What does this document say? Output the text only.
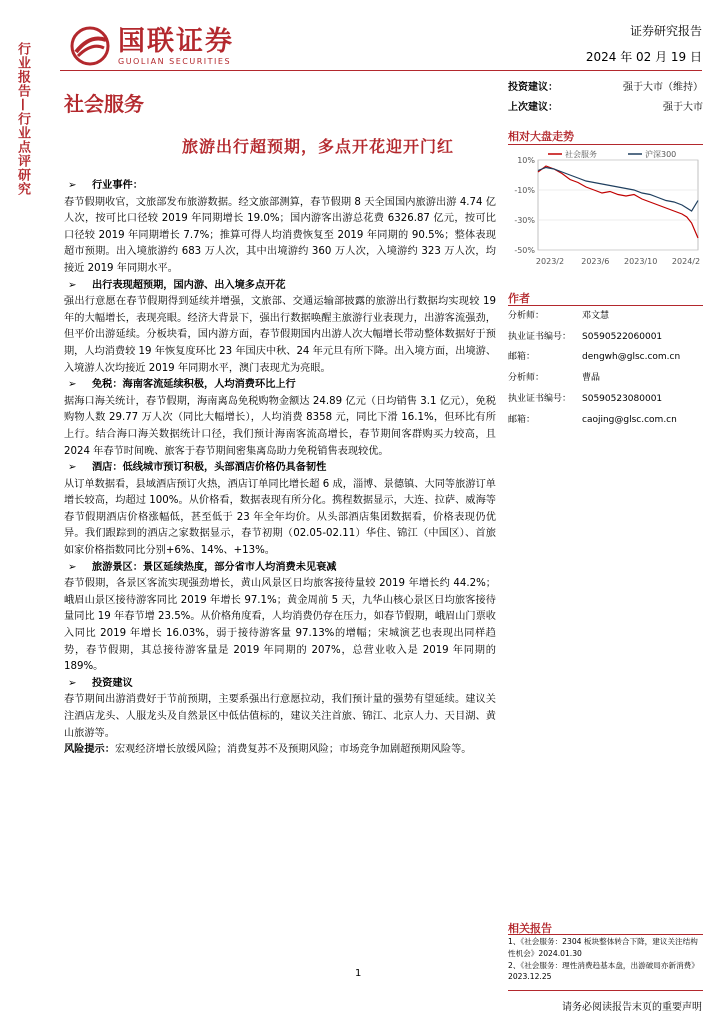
行业报告—行业点评研究
国联证券
GUOLIAN SECURITIES
证券研究报告
2024 年 02 月 19 日
社会服务
旅游出行超预期，多点开花迎开门红
投资建议：	强于大市（维持）
上次建议：	强于大市
相对大盘走势
社会服务	沪深300
10%
-10%
-30%
-50%
2023/2 2023/6 2023/10 2024/2
作者
分析师：	邓文慧
执业证书编号：	S0590522060001
邮箱：	dengwh@glsc.com.cn
分析师：	曹晶
执业证书编号：	S0590523080001
邮箱：	caojing@glsc.com.cn
➢	行业事件：
春节假期收官，文旅部发布旅游数据。经文旅部测算，春节假期 8 天全国国内旅游出游 4.74 亿人次，按可比口径较 2019 年同期增长 19.0%；国内游客出游总花费 6326.87 亿元，按可比口径较 2019 年同期增长 7.7%；推算可得人均消费恢复至 2019 年同期的 90.5%；整体表现超市预期。出入境旅游约 683 万人次，其中出境游约 360 万人次，入境游约 323 万人次，均接近 2019 年同期水平。
➢	出行表现超预期，国内游、出入境多点开花
强出行意愿在春节假期得到延续并增强，文旅部、交通运输部披露的旅游出行数据均实现较 19 年的大幅增长，表现亮眼。经济大背景下，强出行数据唤醒主旅游行业表现力，出游客流强劲，但平价出游延续。分板块看，国内游方面，春节假期国内出游人次大幅增长带动整体数据好于预期，人均消费较 19 年恢复度环比 23 年国庆中秋、24 年元旦有所下降。出入境方面，出境游、入境游人次均接近 2019 年同期水平，澳门表现尤为亮眼。
➢	免税：海南客流延续积极，人均消费环比上行
据海口海关统计，春节假期，海南离岛免税购物金额达 24.89 亿元（日均销售 3.1 亿元），免税购物人数 29.77 万人次（同比大幅增长），人均消费 8358 元，同比下滑 16.1%，但环比有所上行。结合海口海关数据统计口径，我们预计海南客流高增长，春节期间客群购买力较高，且 2024 年春节时间晚、旅客于春节期间密集离岛助力免税销售表现较优。
➢	酒店：低线城市预订积极，头部酒店价格仍具备韧性
从订单数据看，县域酒店预订火热，酒店订单同比增长超 6 成，淄博、景德镇、大同等旅游订单增长较高，均超过 100%。从价格看，数据表现有所分化。携程数据显示，大连、拉萨、威海等春节假期酒店价格涨幅低，甚至低于 23 年全年均价。从头部酒店集团数据看，价格表现仍优异。我们跟踪到的酒店之家数据显示，春节初期（02.05-02.11）华住、锦江（中国区）、首旅如家价格指数同比分别+6%、14%、+13%。
➢	旅游景区：景区延续热度，部分省市人均消费未见衰减
春节假期，各景区客流实现强劲增长，黄山风景区日均旅客接待量较 2019 年增长约 44.2%；峨眉山景区接待游客同比 2019 年增长 97.1%；黄金周前 5 天，九华山核心景区日均旅客接待量同比 19 年春节增 23.5%。从价格角度看，人均消费仍存在压力，如春节假期，峨眉山门票收入同比 2019 年增长 16.03%，弱于接待游客量 97.13%的增幅；宋城演艺也表现出同样趋势，春节假期，其总接待游客量是 2019 年同期的 207%，总营业收入是 2019 年同期的 189%。
➢	投资建议
春节期间出游消费好于节前预期，主要系强出行意愿拉动，我们预计量的强势有望延续。建议关注酒店龙头、人服龙头及自然景区中低估值标的，建议关注首旅、锦江、北京人力、天目湖、黄山旅游等。
风险提示：宏观经济增长放缓风险；消费复苏不及预期风险；市场竞争加剧超预期风险等。
相关报告
1、《社会服务：2304 板块整体转合下降，建议关注结构性机会》2024.01.30
2、《社会服务：理性消费趋基本盘，出游破局亦新消费》2023.12.25
1
请务必阅读报告末页的重要声明
